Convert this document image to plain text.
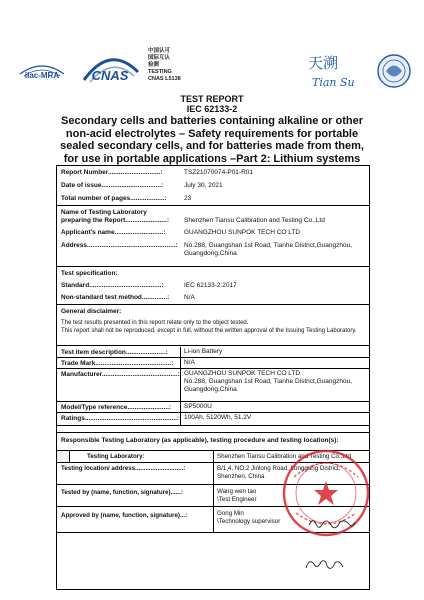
ilac-MRA CNAS
中国认可
国际互认
检测
TESTING
CNAS L5138
天溯
Tian Su
TEST REPORT
IEC 62133-2
Secondary cells and batteries containing alkaline or other non-acid electrolytes – Safety requirements for portable sealed secondary cells, and for batteries made from them, for use in portable applications –Part 2: Lithium systems
Report Number.............................:	TSZ21070074-P01-R01
Date of issue.................................:	July 30, 2021
Total number of pages...................:	23
Name of Testing Laboratory
preparing the Report.......................: Shenzhen Tiansu Calibration and Testing Co.,Ltd
Applicant's name...........................:	GUANGZHOU SUNPOK TECH CO LTD
Address.................................................: No.288, Guangshan 1st Road, Tianhe District,Guangzhou,
Guangdong,China
Test specification:
Standard........................................:	IEC 62133-2:2017
Non-standard test method..............: N/A
General disclaimer:
The test results presented in this report relate only to the object tested.
This report shall not be reproduced, except in full, without the written approval of the Issuing Testing Laboratory.
Test item description......................: Li-ion Battery
Trade Mark..........................................: N/A
Manufacturer..........................................: GUANGZHOU SUNPOK TECH CO LTD
No.288, Guangshan 1st Road, Tianhe District,Guangzhou,
Guangdong,China
Model/Type reference.......................: SP5000U
Ratings...................................................: 100Ah, 5120Wh, 51.2V
Responsible Testing Laboratory (as applicable), testing procedure and testing location(s):
Testing Laboratory:	Shenzhen Tiansu Calibration and Testing Co.,Ltd
Testing location/ address............................:	B/1,4, NO.2 Jinlong Road, Longgang District,
Shenzhen, China
Tested by (name, function, signature)......:	Wang wen tao
\Test Engineer
Approved by (name, function, signature)...:	Gong Min
\Technology supervisor
